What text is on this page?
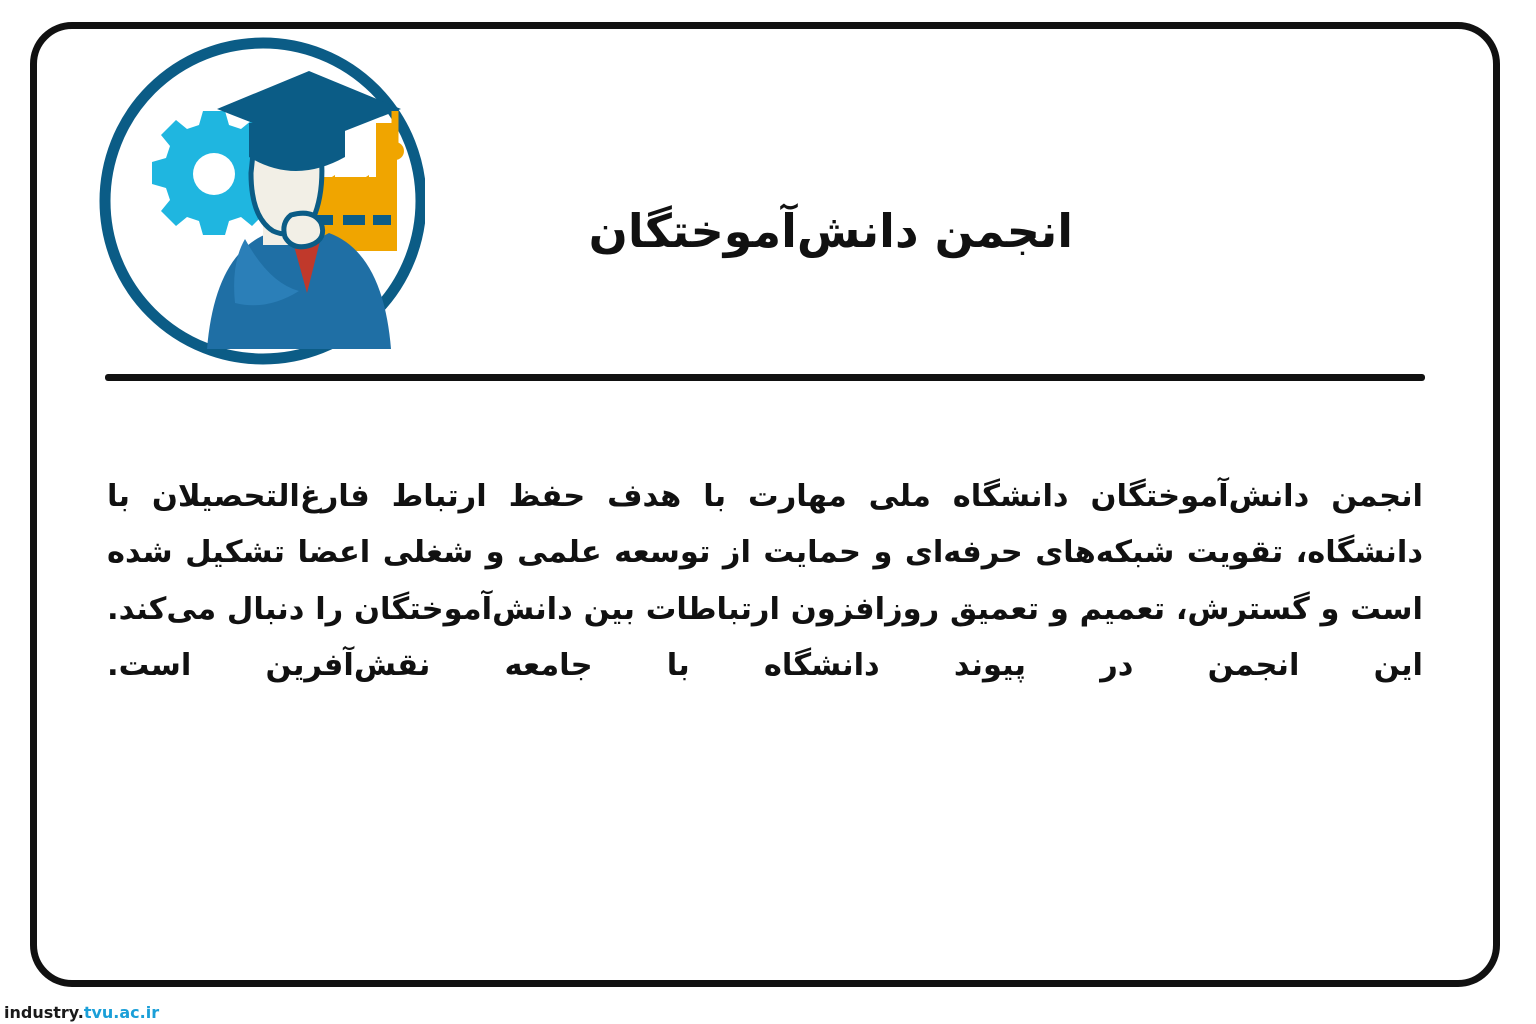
انجمن دانش‌آموختگان
انجمن دانش‌آموختگان دانشگاه ملی مهارت با هدف حفظ ارتباط فارغ‌التحصیلان با دانشگاه، تقویت شبکه‌های حرفه‌ای و حمایت از توسعه علمی و شغلی اعضا تشکیل شده است و گسترش، تعمیم و تعمیق روزافزون ارتباطات بین دانش‌آموختگان را دنبال می‌کند. این انجمن در پیوند دانشگاه با جامعه نقش‌آفرین است.
industry.tvu.ac.ir
